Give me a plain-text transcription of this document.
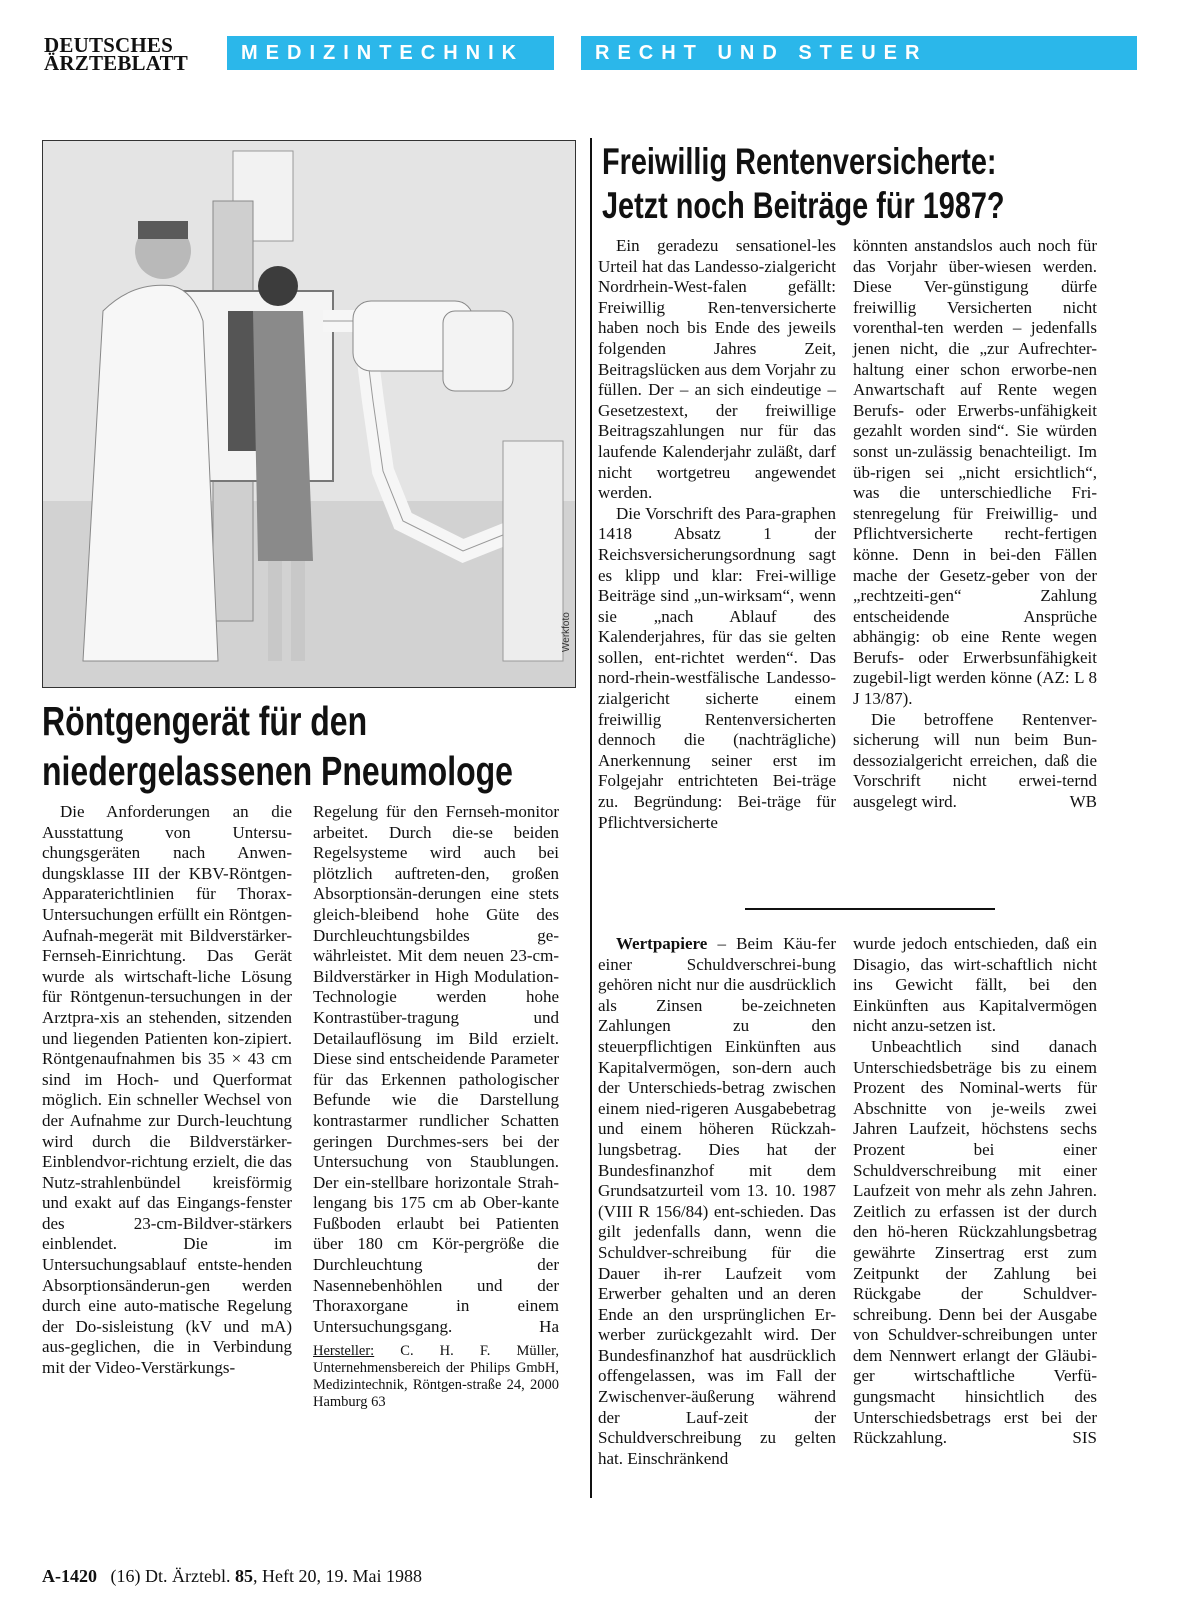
DEUTSCHES
ÄRZTEBLATT	MEDIZINTECHNIK	RECHT UND STEUER
Werkfoto
Röntgengerät für den
niedergelassenen Pneumologe

Die Anforderungen an die Ausstattung von Untersu-chungsgeräten nach Anwen-dungsklasse III der KBV-Röntgen-Apparaterichtlinien für Thorax-Untersuchungen erfüllt ein Röntgen-Aufnah-megerät mit Bildverstärker-Fernseh-Einrichtung. Das Gerät wurde als wirtschaft-liche Lösung für Röntgenun-tersuchungen in der Arztpra-xis an stehenden, sitzenden und liegenden Patienten kon-zipiert. Röntgenaufnahmen bis 35 × 43 cm sind im Hoch- und Querformat möglich. Ein schneller Wechsel von der Aufnahme zur Durch-leuchtung wird durch die Bildverstärker-Einblendvor-richtung erzielt, die das Nutz-strahlenbündel kreisförmig und exakt auf das Eingangs-fenster des 23-cm-Bildver-stärkers einblendet. Die im Untersuchungsablauf entste-henden Absorptionsänderun-gen werden durch eine auto-matische Regelung der Do-sisleistung (kV und mA) aus-geglichen, die in Verbindung mit der Video-Verstärkungs-

Regelung für den Fernseh-monitor arbeitet. Durch die-se beiden Regelsysteme wird auch bei plötzlich auftreten-den, großen Absorptionsän-derungen eine stets gleich-bleibend hohe Güte des Durchleuchtungsbildes ge-währleistet. Mit dem neuen 23-cm-Bildverstärker in High Modulation-Technologie werden hohe Kontrastüber-tragung und Detailauflösung im Bild erzielt. Diese sind entscheidende Parameter für das Erkennen pathologischer Befunde wie die Darstellung kontrastarmer rundlicher Schatten geringen Durchmes-sers bei der Untersuchung von Staublungen. Der ein-stellbare horizontale Strah-lengang bis 175 cm ab Ober-kante Fußboden erlaubt bei Patienten über 180 cm Kör-pergröße die Durchleuchtung der Nasennebenhöhlen und der Thoraxorgane in einem Untersuchungsgang.	Ha

Hersteller: C. H. F. Müller, Unternehmensbereich der Philips GmbH, Medizintechnik, Röntgen-straße 24, 2000 Hamburg 63
Freiwillig Rentenversicherte:
Jetzt noch Beiträge für 1987?

Ein geradezu sensationel-les Urteil hat das Landesso-zialgericht Nordrhein-West-falen gefällt: Freiwillig Ren-tenversicherte haben noch bis Ende des jeweils folgenden Jahres Zeit, Beitragslücken aus dem Vorjahr zu füllen. Der – an sich eindeutige – Gesetzestext, der freiwillige Beitragszahlungen nur für das laufende Kalenderjahr zuläßt, darf nicht wortgetreu angewendet werden.

Die Vorschrift des Para-graphen 1418 Absatz 1 der Reichsversicherungsordnung sagt es klipp und klar: Frei-willige Beiträge sind „un-wirksam“, wenn sie „nach Ablauf des Kalenderjahres, für das sie gelten sollen, ent-richtet werden“. Das nord-rhein-westfälische Landesso-zialgericht sicherte einem freiwillig Rentenversicherten dennoch die (nachträgliche) Anerkennung seiner erst im Folgejahr entrichteten Bei-träge zu. Begründung: Bei-träge für Pflichtversicherte

könnten anstandslos auch noch für das Vorjahr über-wiesen werden. Diese Ver-günstigung dürfe freiwillig Versicherten nicht vorenthal-ten werden – jedenfalls jenen nicht, die „zur Aufrechter-haltung einer schon erworbe-nen Anwartschaft auf Rente wegen Berufs- oder Erwerbs-unfähigkeit gezahlt worden sind“. Sie würden sonst un-zulässig benachteiligt. Im üb-rigen sei „nicht ersichtlich“, was die unterschiedliche Fri-stenregelung für Freiwillig- und Pflichtversicherte recht-fertigen könne. Denn in bei-den Fällen mache der Gesetz-geber von der „rechtzeiti-gen“ Zahlung entscheidende Ansprüche abhängig: ob eine Rente wegen Berufs- oder Erwerbsunfähigkeit zugebil-ligt werden könne (AZ: L 8 J 13/87).

Die betroffene Rentenver-sicherung will nun beim Bun-dessozialgericht erreichen, daß die Vorschrift nicht erwei-ternd ausgelegt wird.	WB

Wertpapiere – Beim Käu-fer einer Schuldverschrei-bung gehören nicht nur die ausdrücklich als Zinsen be-zeichneten Zahlungen zu den steuerpflichtigen Einkünften aus Kapitalvermögen, son-dern auch der Unterschieds-betrag zwischen einem nied-rigeren Ausgabebetrag und einem höheren Rückzah-lungsbetrag. Dies hat der Bundesfinanzhof mit dem Grundsatzurteil vom 13. 10. 1987 (VIII R 156/84) ent-schieden. Das gilt jedenfalls dann, wenn die Schuldver-schreibung für die Dauer ih-rer Laufzeit vom Erwerber gehalten und an deren Ende an den ursprünglichen Er-werber zurückgezahlt wird. Der Bundesfinanzhof hat ausdrücklich offengelassen, was im Fall der Zwischenver-äußerung während der Lauf-zeit der Schuldverschreibung zu gelten hat. Einschränkend

wurde jedoch entschieden, daß ein Disagio, das wirt-schaftlich nicht ins Gewicht fällt, bei den Einkünften aus Kapitalvermögen nicht anzu-setzen ist.

Unbeachtlich sind danach Unterschiedsbeträge bis zu einem Prozent des Nominal-werts für Abschnitte von je-weils zwei Jahren Laufzeit, höchstens sechs Prozent bei einer Schuldverschreibung mit einer Laufzeit von mehr als zehn Jahren. Zeitlich zu erfassen ist der durch den hö-heren Rückzahlungsbetrag gewährte Zinsertrag erst zum Zeitpunkt der Zahlung bei Rückgabe der Schuldver-schreibung. Denn bei der Ausgabe von Schuldver-schreibungen unter dem Nennwert erlangt der Gläubi-ger wirtschaftliche Verfü-gungsmacht hinsichtlich des Unterschiedsbetrags erst bei der Rückzahlung.	SIS

A-1420 (16) Dt. Ärztebl. 85, Heft 20, 19. Mai 1988
